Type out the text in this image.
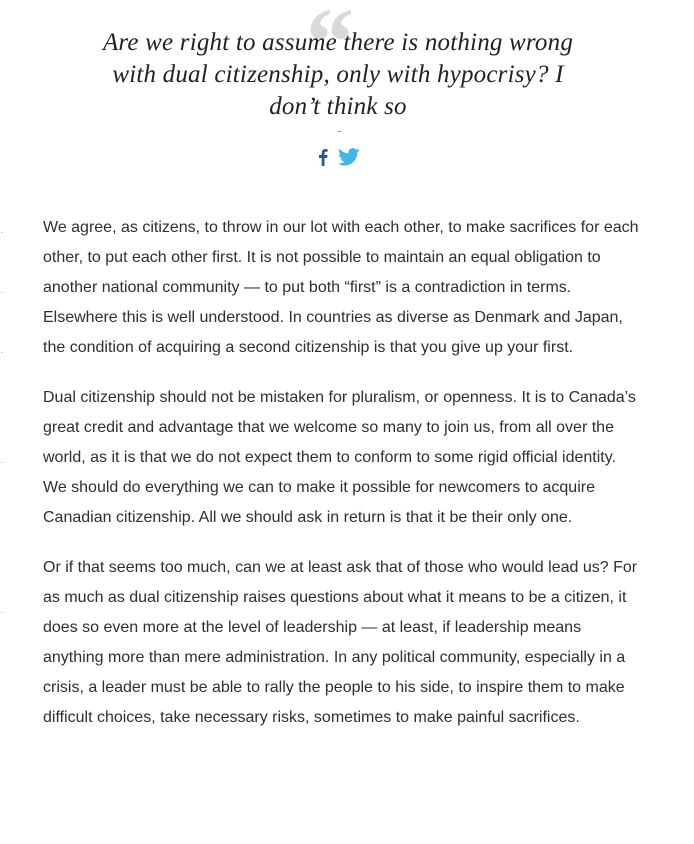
“

Are we right to assume there is nothing wrong with dual citizenship, only with hypocrisy? I don’t think so

We agree, as citizens, to throw in our lot with each other, to make sacrifices for each other, to put each other first. It is not possible to maintain an equal obligation to another national community — to put both “first” is a contradiction in terms. Elsewhere this is well understood. In countries as diverse as Denmark and Japan, the condition of acquiring a second citizenship is that you give up your first.

Dual citizenship should not be mistaken for pluralism, or openness. It is to Canada’s great credit and advantage that we welcome so many to join us, from all over the world, as it is that we do not expect them to conform to some rigid official identity. We should do everything we can to make it possible for newcomers to acquire Canadian citizenship. All we should ask in return is that it be their only one.

Or if that seems too much, can we at least ask that of those who would lead us? For as much as dual citizenship raises questions about what it means to be a citizen, it does so even more at the level of leadership — at least, if leadership means anything more than mere administration. In any political community, especially in a crisis, a leader must be able to rally the people to his side, to inspire them to make difficult choices, take necessary risks, sometimes to make painful sacrifices.
